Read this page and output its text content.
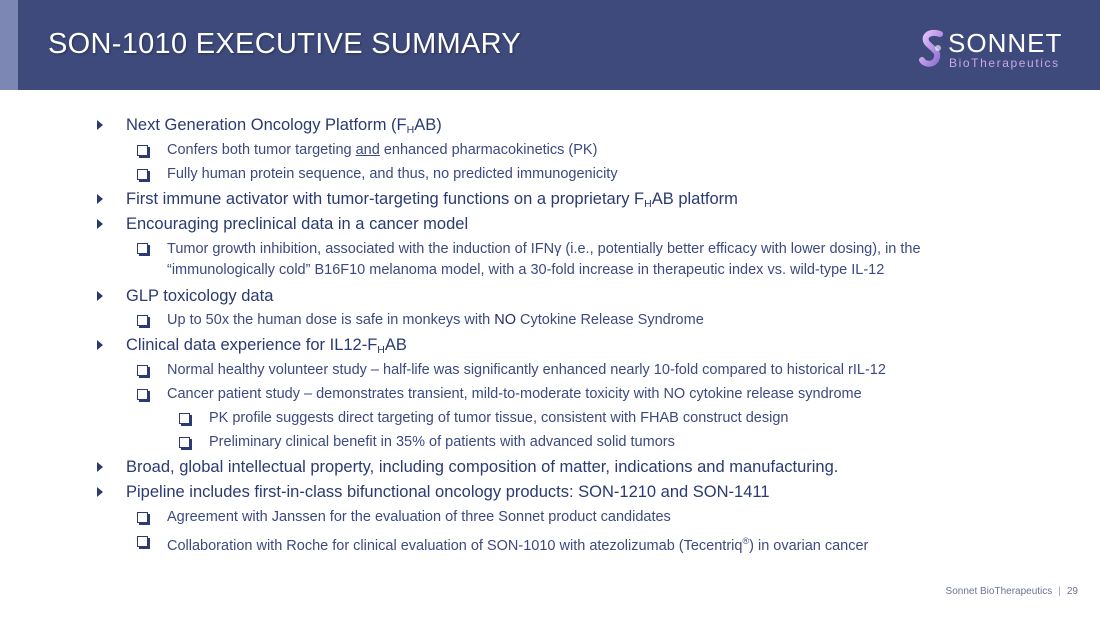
SON-1010 EXECUTIVE SUMMARY	SONNET
BioTherapeutics
Next Generation Oncology Platform $(F_HAB)$
Confers both tumor targeting and enhanced pharmacokinetics (PK)
Fully human protein sequence, and thus, no predicted immunogenicity
First immune activator with tumor-targeting functions on a proprietary $F_HAB$ platform
Encouraging preclinical data in a cancer model
Tumor growth inhibition, associated with the induction of IFNγ (i.e., potentially better efficacy with lower dosing), in the “immunologically cold” B16F10 melanoma model, with a 30-fold increase in therapeutic index vs. wild-type IL-12
GLP toxicology data
Up to 50x the human dose is safe in monkeys with NO Cytokine Release Syndrome
Clinical data experience for $IL12-F_HAB$
Normal healthy volunteer study – half-life was significantly enhanced nearly 10-fold compared to historical rIL-12
Cancer patient study – demonstrates transient, mild-to-moderate toxicity with NO cytokine release syndrome
PK profile suggests direct targeting of tumor tissue, consistent with FHAB construct design
Preliminary clinical benefit in 35% of patients with advanced solid tumors
Broad, global intellectual property, including composition of matter, indications and manufacturing.
Pipeline includes first-in-class bifunctional oncology products: SON-1210 and SON-1411
Agreement with Janssen for the evaluation of three Sonnet product candidates
Collaboration with Roche for clinical evaluation of SON-1010 with atezolizumab (Tecentriq®) in ovarian cancer
Sonnet BioTherapeutics | 29
